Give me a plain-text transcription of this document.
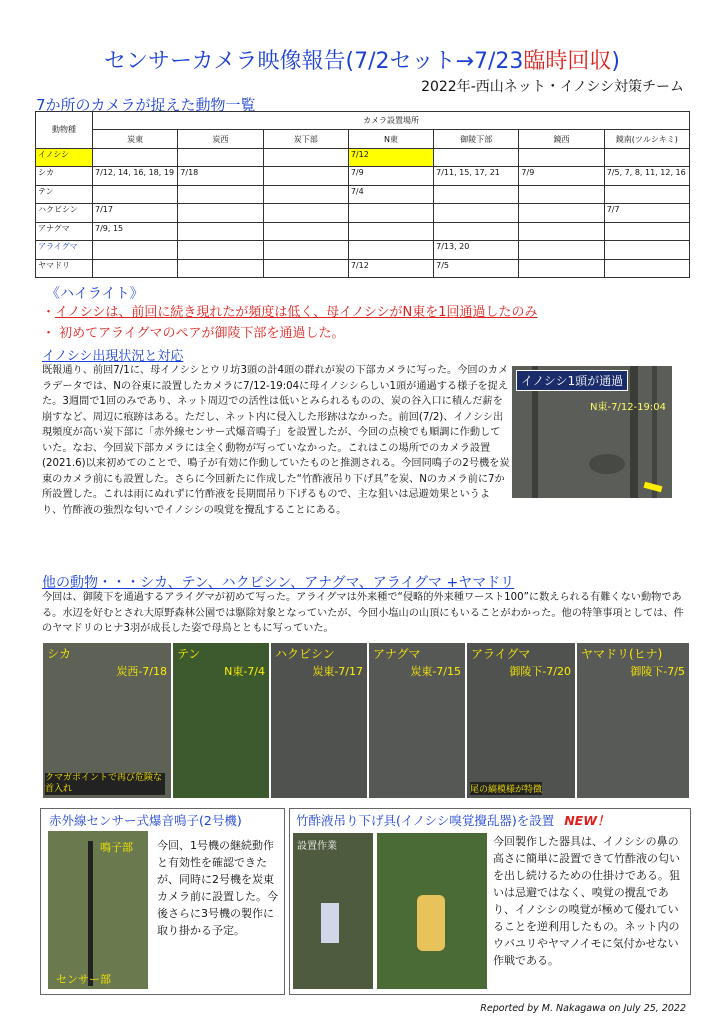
センサーカメラ映像報告(7/2セット→7/23臨時回収)
2022年-西山ネット・イノシシ対策チーム
7か所のカメラが捉えた動物一覧
動物種	カメラ設置場所						
	炭東	炭西	炭下部	N東	御陵下部	鏡西	鏡南(ツルシキミ)
イノシシ				7/12			
シカ	7/12, 14, 16, 18, 19	7/18		7/9	7/11, 15, 17, 21	7/9	7/5, 7, 8, 11, 12, 16
テン				7/4			
ハクビシン	7/17						7/7
アナグマ	7/9, 15						
アライグマ					7/13, 20		
ヤマドリ				7/12	7/5		
《ハイライト》
・イノシシは、前回に続き現れたが頻度は低く、母イノシシがN東を1回通過したのみ
・ 初めてアライグマのペアが御陵下部を通過した。
イノシシ出現状況と対応
既報通り、前回7/1に、母イノシシとウリ坊3頭の計4頭の群れが炭の下部カメラに写った。今回のカメラデータでは、Nの谷東に設置したカメラに7/12-19:04に母イノシシらしい1頭が通過する様子を捉えた。3週間で1回のみであり、ネット周辺での活性は低いとみられるものの、炭の谷入口に積んだ薪を崩すなど、周辺に痕跡はある。ただし、ネット内に侵入した形跡はなかった。前回(7/2)、イノシシ出現頻度が高い炭下部に「赤外線センサー式爆音鳴子」を設置したが、今回の点検でも順調に作動していた。なお、今回炭下部カメラには全く動物が写っていなかった。これはこの場所でのカメラ設置(2021.6)以来初めてのことで、鳴子が有効に作動していたものと推測される。今回同鳴子の2号機を炭東のカメラ前にも設置した。さらに今回新たに作成した“竹酢液吊り下げ具”を炭、Nのカメラ前に7か所設置した。これは雨にぬれずに竹酢液を長期間吊り下げるもので、主な狙いは忌避効果というより、竹酢液の強烈な匂いでイノシシの嗅覚を攪乱することにある。
イノシシ1頭が通過
N東-7/12-19:04
他の動物・・・シカ、テン、ハクビシン、アナグマ、アライグマ +ヤマドリ
今回は、御陵下を通過するアライグマが初めて写った。アライグマは外来種で“侵略的外来種ワースト100”に数えられる有難くない動物である。水辺を好むとされ大原野森林公園では駆除対象となっていたが、今回小塩山の山頂にもいることがわかった。他の特筆事項としては、件のヤマドリのヒナ3羽が成長した姿で母鳥とともに写っていた。
シカ
炭西-7/18
クマガポイントで再び危険な首入れ
テン
N東-7/4
ハクビシン
炭東-7/17
アナグマ
炭東-7/15
アライグマ
御陵下-7/20
尾の縞模様が特徴
ヤマドリ(ヒナ)
御陵下-7/5
赤外線センサー式爆音鳴子(2号機)
鳴子部
センサー部
今回、1号機の継続動作と有効性を確認できたが、同時に2号機を炭東カメラ前に設置した。今後さらに3号機の製作に取り掛かる予定。
竹酢液吊り下げ具(イノシシ嗅覚攪乱器)を設置 NEW！
設置作業	今回製作した器具は、イノシシの鼻の高さに簡単に設置できて竹酢液の匂いを出し続けるための仕掛けである。狙いは忌避ではなく、嗅覚の攪乱であり、イノシシの嗅覚が極めて優れていることを逆利用したもの。ネット内のウバユリやヤマノイモに気付かせない作戦である。
Reported by M. Nakagawa on July 25, 2022
